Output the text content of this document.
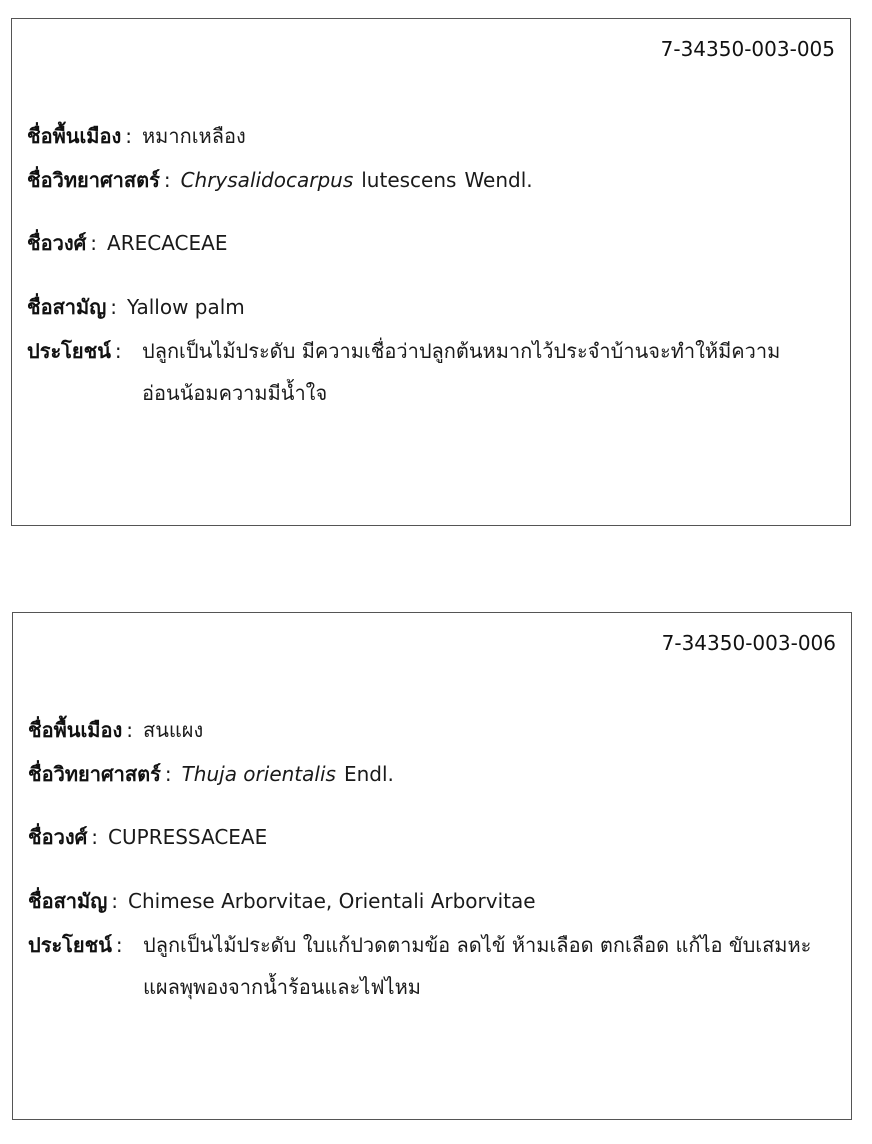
7-34350-003-005
ชื่อพื้นเมือง : หมากเหลือง
ชื่อวิทยาศาสตร์ : Chrysalidocarpus lutescens Wendl.
ชื่อวงศ์ : ARECACEAE
ชื่อสามัญ : Yallow palm
ประโยชน์ :	ปลูกเป็นไม้ประดับ มีความเชื่อว่าปลูกต้นหมากไว้ประจำบ้านจะทำให้มีความอ่อนน้อมความมีน้ำใจ
7-34350-003-006
ชื่อพื้นเมือง : สนแผง
ชื่อวิทยาศาสตร์ : Thuja orientalis Endl.
ชื่อวงศ์ : CUPRESSACEAE
ชื่อสามัญ : Chimese Arborvitae, Orientali Arborvitae
ประโยชน์ :	ปลูกเป็นไม้ประดับ ใบแก้ปวดตามข้อ ลดไข้ ห้ามเลือด ตกเลือด แก้ไอ ขับเสมหะ แผลพุพองจากน้ำร้อนและไฟไหม
